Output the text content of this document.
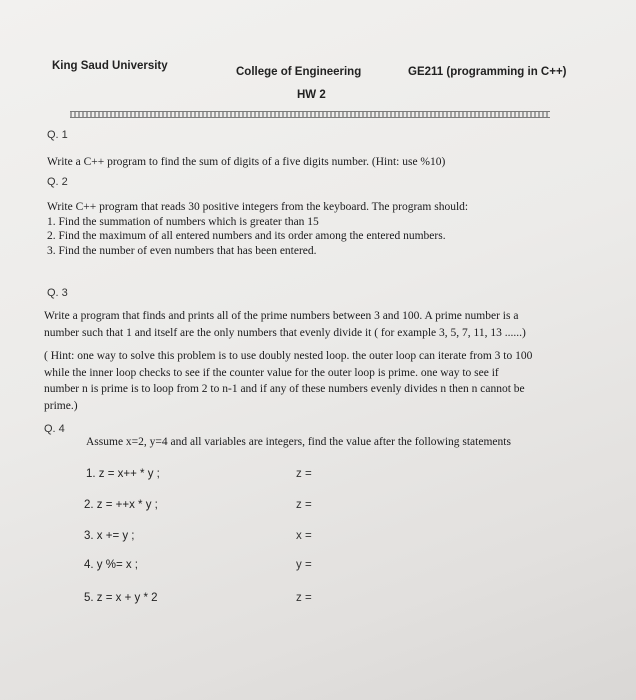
King Saud University	College of Engineering	GE211 (programming in C++)
HW 2
Q. 1
Write a C++ program to find the sum of digits of a five digits number. (Hint: use %10)
Q. 2
Write C++ program that reads 30 positive integers from the keyboard. The program should:
1. Find the summation of numbers which is greater than 15
2. Find the maximum of all entered numbers and its order among the entered numbers.
3. Find the number of even numbers that has been entered.
Q. 3
Write a program that finds and prints all of the prime numbers between 3 and 100. A prime number is a
number such that 1 and itself are the only numbers that evenly divide it ( for example 3, 5, 7, 11, 13 ......)
( Hint: one way to solve this problem is to use doubly nested loop. the outer loop can iterate from 3 to 100
while the inner loop checks to see if the counter value for the outer loop is prime. one way to see if
number n is prime is to loop from 2 to n-1 and if any of these numbers evenly divides n then n cannot be
prime.)
Q. 4
Assume x=2, y=4 and all variables are integers, find the value after the following statements
1. z = x++ * y ;	z =
2. z = ++x * y ;	z =
3. x += y ;	x =
4. y %= x ;	y =
5. z = x + y * 2	z =
